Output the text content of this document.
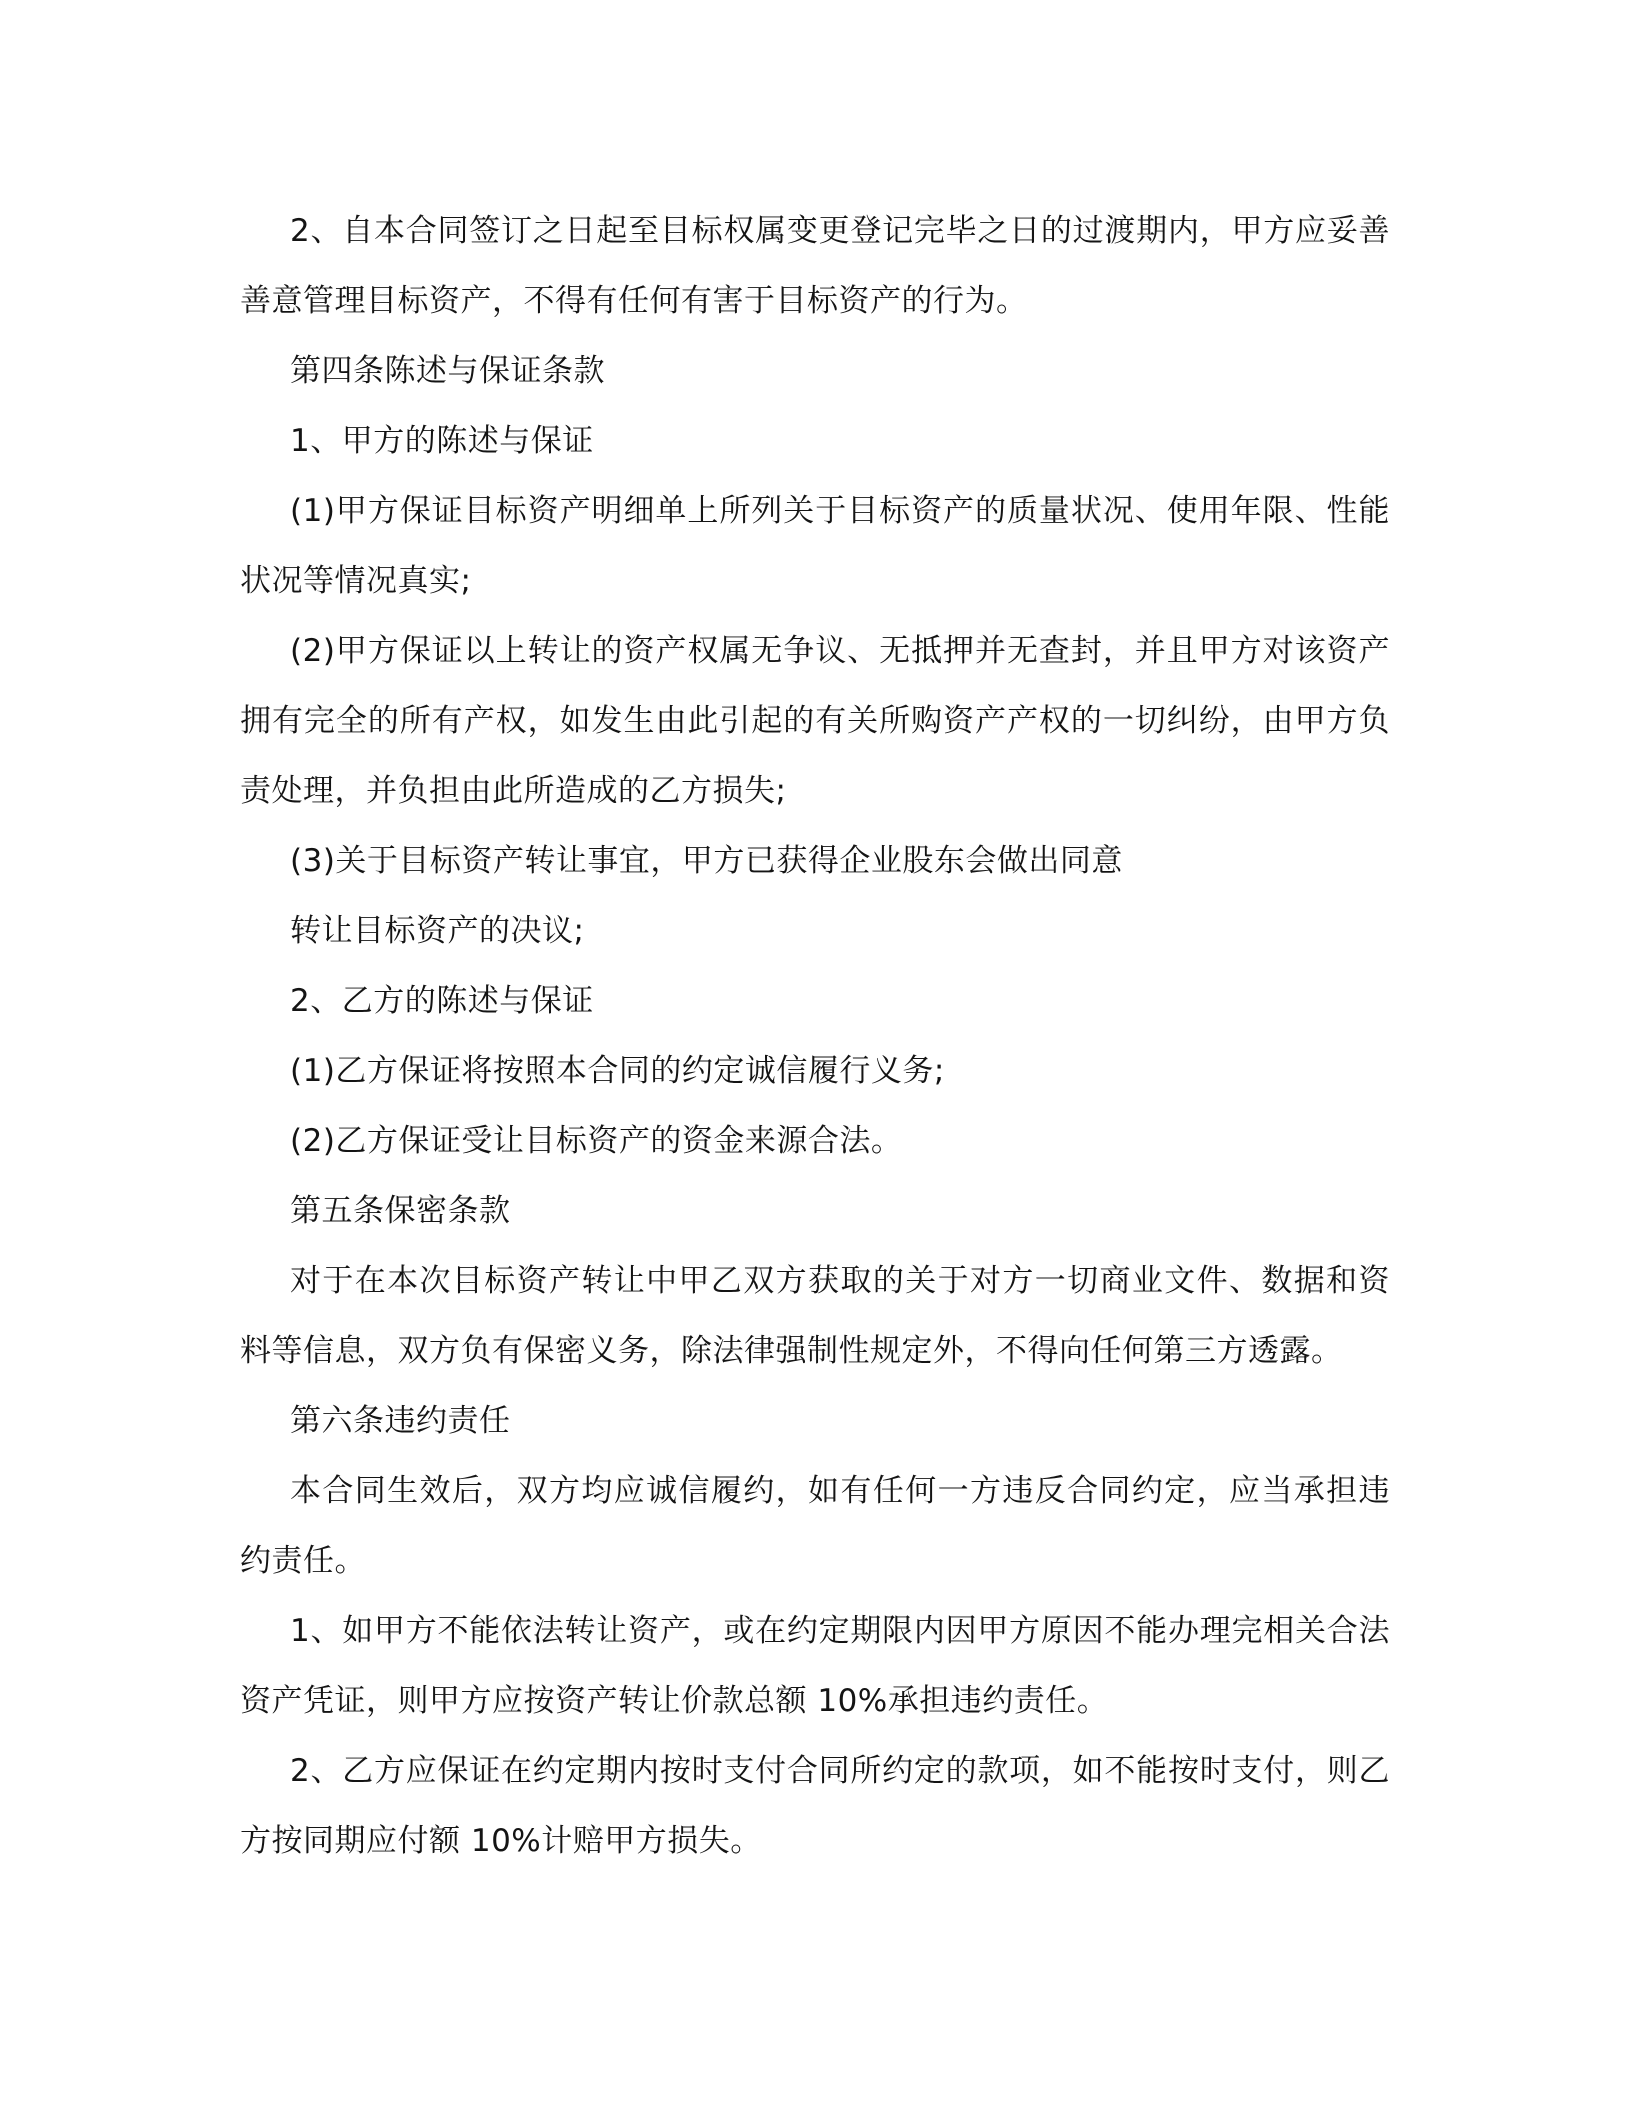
2、自本合同签订之日起至目标权属变更登记完毕之日的过渡期内，甲方应妥善善意管理目标资产，不得有任何有害于目标资产的行为。

第四条陈述与保证条款

1、甲方的陈述与保证

(1)甲方保证目标资产明细单上所列关于目标资产的质量状况、使用年限、性能状况等情况真实;

(2)甲方保证以上转让的资产权属无争议、无抵押并无查封，并且甲方对该资产拥有完全的所有产权，如发生由此引起的有关所购资产产权的一切纠纷，由甲方负责处理，并负担由此所造成的乙方损失;

(3)关于目标资产转让事宜，甲方已获得企业股东会做出同意

转让目标资产的决议;

2、乙方的陈述与保证

(1)乙方保证将按照本合同的约定诚信履行义务;

(2)乙方保证受让目标资产的资金来源合法。

第五条保密条款

对于在本次目标资产转让中甲乙双方获取的关于对方一切商业文件、数据和资料等信息，双方负有保密义务，除法律强制性规定外，不得向任何第三方透露。

第六条违约责任

本合同生效后，双方均应诚信履约，如有任何一方违反合同约定，应当承担违约责任。

1、如甲方不能依法转让资产，或在约定期限内因甲方原因不能办理完相关合法资产凭证，则甲方应按资产转让价款总额 10%承担违约责任。

2、乙方应保证在约定期内按时支付合同所约定的款项，如不能按时支付，则乙方按同期应付额 10%计赔甲方损失。
